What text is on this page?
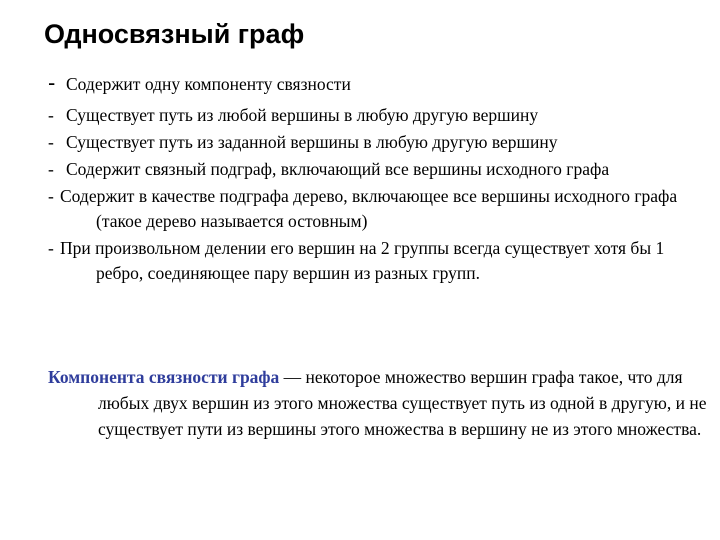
Односвязный граф
- Содержит одну компоненту связности
- Существует путь из любой вершины в любую другую вершину
- Существует путь из заданной вершины в любую другую вершину
- Содержит связный подграф, включающий все вершины исходного графа
- Содержит в качестве подграфа дерево, включающее все вершины исходного графа (такое дерево называется остовным)
- При произвольном делении его вершин на 2 группы всегда существует хотя бы 1 ребро, соединяющее пару вершин из разных групп.

Компонента связности графа — некоторое множество вершин графа такое, что для любых двух вершин из этого множества существует путь из одной в другую, и не существует пути из вершины этого множества в вершину не из этого множества.
